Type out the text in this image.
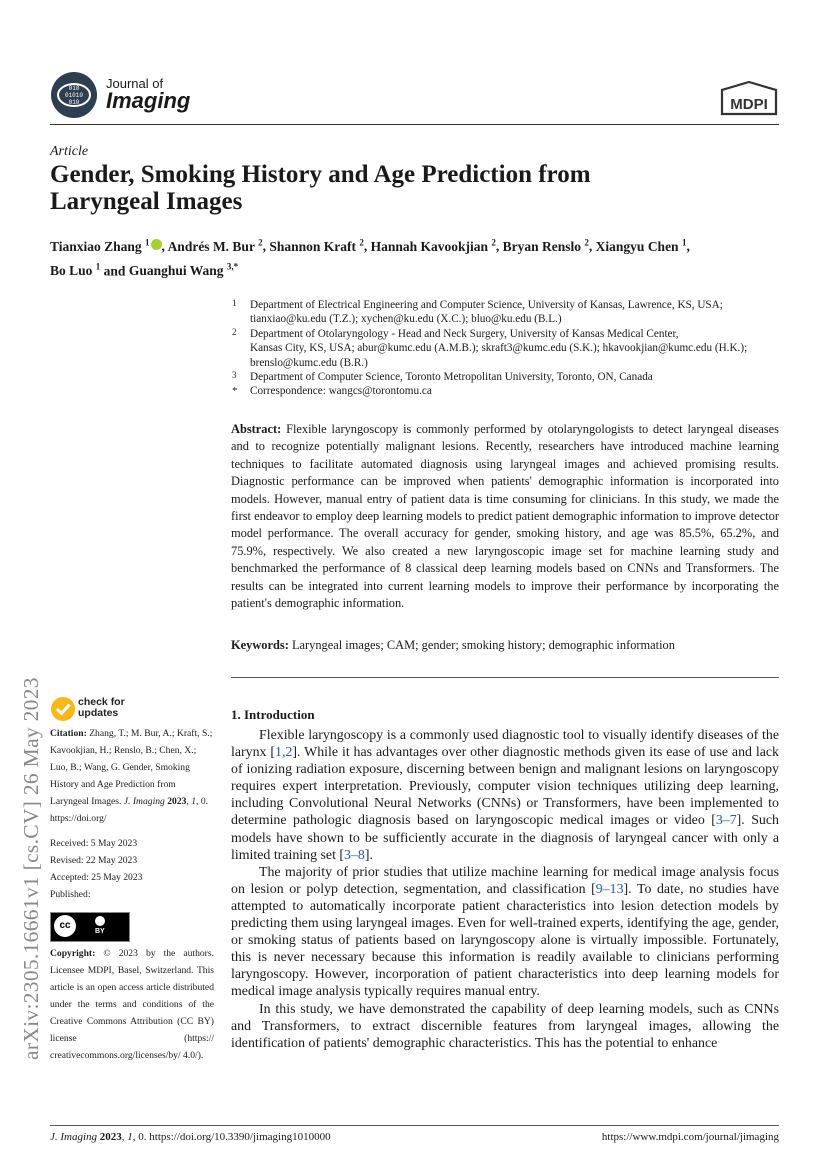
010
01010
010
Journal of
Imaging	MDPI
Article
Gender, Smoking History and Age Prediction from Laryngeal Images
Tianxiao Zhang $^1$ , Andrés M. Bur $^2$, Shannon Kraft $^2$, Hannah Kavookjian $^2$, Bryan Renslo $^2$, Xiangyu Chen $^1$,
Bo Luo $^1$ and Guanghui Wang $^{3,*}$
1 Department of Electrical Engineering and Computer Science, University of Kansas, Lawrence, KS, USA;
tianxiao@ku.edu (T.Z.); xychen@ku.edu (X.C.); bluo@ku.edu (B.L.)
2 Department of Otolaryngology - Head and Neck Surgery, University of Kansas Medical Center,
Kansas City, KS, USA; abur@kumc.edu (A.M.B.); skraft3@kumc.edu (S.K.); hkavookjian@kumc.edu (H.K.);
brenslo@kumc.edu (B.R.)
3 Department of Computer Science, Toronto Metropolitan University, Toronto, ON, Canada
* Correspondence: wangcs@torontomu.ca
Abstract: Flexible laryngoscopy is commonly performed by otolaryngologists to detect laryngeal diseases and to recognize potentially malignant lesions. Recently, researchers have introduced machine learning techniques to facilitate automated diagnosis using laryngeal images and achieved promising results. Diagnostic performance can be improved when patients' demographic information is incorporated into models. However, manual entry of patient data is time consuming for clinicians. In this study, we made the first endeavor to employ deep learning models to predict patient demographic information to improve detector model performance. The overall accuracy for gender, smoking history, and age was 85.5%, 65.2%, and 75.9%, respectively. We also created a new laryngoscopic image set for machine learning study and benchmarked the performance of 8 classical deep learning models based on CNNs and Transformers. The results can be integrated into current learning models to improve their performance by incorporating the patient's demographic information.
Keywords: Laryngeal images; CAM; gender; smoking history; demographic information
1. Introduction

Flexible laryngoscopy is a commonly used diagnostic tool to visually identify diseases of the larynx [1,2]. While it has advantages over other diagnostic methods given its ease of use and lack of ionizing radiation exposure, discerning between benign and malignant lesions on laryngoscopy requires expert interpretation. Previously, computer vision techniques utilizing deep learning, including Convolutional Neural Networks (CNNs) or Transformers, have been implemented to determine pathologic diagnosis based on laryngoscopic medical images or video [3–7]. Such models have shown to be sufficiently accurate in the diagnosis of laryngeal cancer with only a limited training set [3–8].

The majority of prior studies that utilize machine learning for medical image analysis focus on lesion or polyp detection, segmentation, and classification [9–13]. To date, no studies have attempted to automatically incorporate patient characteristics into lesion detection models by predicting them using laryngeal images. Even for well-trained experts, identifying the age, gender, or smoking status of patients based on laryngoscopy alone is virtually impossible. Fortunately, this is never necessary because this information is readily available to clinicians performing laryngoscopy. However, incorporation of patient characteristics into deep learning models for medical image analysis typically requires manual entry.

In this study, we have demonstrated the capability of deep learning models, such as CNNs and Transformers, to extract discernible features from laryngeal images, allowing the identification of patients' demographic characteristics. This has the potential to enhance

check for
updates
Citation: Zhang, T.; M. Bur, A.; Kraft, S.; Kavookjian, H.; Renslo, B.; Chen, X.; Luo, B.; Wang, G. Gender, Smoking History and Age Prediction from Laryngeal Images. J. Imaging 2023, 1, 0. https://doi.org/
Received: 5 May 2023
Revised: 22 May 2023
Accepted: 25 May 2023
Published:
cc
BY
Copyright: © 2023 by the authors. Licensee MDPI, Basel, Switzerland. This article is an open access article distributed under the terms and conditions of the Creative Commons Attribution (CC BY) license (https:// creativecommons.org/licenses/by/ 4.0/).
arXiv:2305.16661v1 [cs.CV] 26 May 2023
J. Imaging 2023, 1, 0. https://doi.org/10.3390/jimaging1010000	https://www.mdpi.com/journal/jimaging
